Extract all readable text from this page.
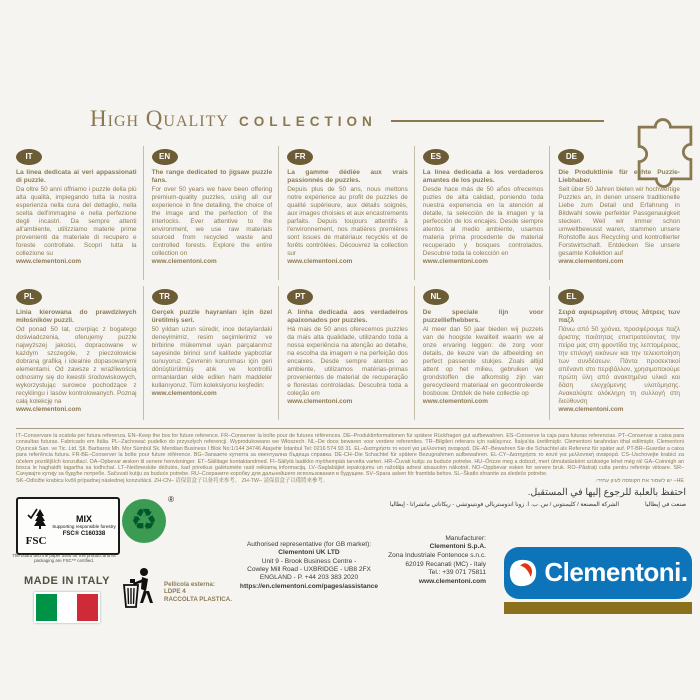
High Quality COLLECTION
IT

La linea dedicata ai veri appassionati di puzzle.

Da oltre 50 anni offriamo i puzzle della più alta qualità, impiegando tutta la nostra esperienza nella cura del dettaglio, nella scelta dell'immagine e nella perfezione degli incastri. Da sempre attenti all'ambiente, utilizziamo materie prime provenienti da materiale di recupero e foreste controllate. Scopri tutta la collezione su

www.clementoni.com

EN

The range dedicated to jigsaw puzzle fans.

For over 50 years we have been offering premium-quality puzzles, using all our experience in fine detailing, the choice of the image and the perfection of the interlocks. Ever attentive to the environment, we use raw materials sourced from recycled waste and controlled forests. Explore the entire collection on

www.clementoni.com

FR

La gamme dédiée aux vrais passionnés de puzzles.

Depuis plus de 50 ans, nous mettons notre expérience au profit de puzzles de qualité supérieure, aux détails soignés, aux images choisies et aux encastrements parfaits. Depuis toujours attentifs à l'environnement, nos matières premières sont issues de matériaux recyclés et de forêts contrôlées. Découvrez la collection sur

www.clementoni.com

ES

La línea dedicada a los verdaderos amantes de los puzles.

Desde hace más de 50 años ofrecemos puzles de alta calidad, poniendo toda nuestra experiencia en la atención al detalle, la selección de la imagen y la perfección de los encajes. Desde siempre atentos al medio ambiente, usamos materia prima procedente de material recuperado y bosques controlados. Descubre toda la colección en

www.clementoni.com

DE

Die Produktlinie für echte Puzzle-Liebhaber.

Seit über 50 Jahren bieten wir hochwertige Puzzles an, in denen unsere traditionelle Liebe zum Detail und Erfahrung in Bildwahl sowie perfekter Passgenauigkeit stecken. Weil wir immer schon umweltbewusst waren, stammen unsere Rohstoffe aus Recycling und kontrollierter Forstwirtschaft. Entdecken Sie unsere gesamte Kollektion auf

www.clementoni.com

PL

Linia kierowana do prawdziwych miłośników puzzli.

Od ponad 50 lat, czerpiąc z bogatego doświadczenia, oferujemy puzzle najwyższej jakości, dopracowane w każdym szczególe, z pieczołowicie dobraną grafiką i idealnie dopasowanymi elementami. Od zawsze z wrażliwością odnosimy się do kwestii środowiskowych, wykorzystując surowce pochodzące z recyklingu i lasów kontrolowanych. Poznaj całą kolekcję na

www.clementoni.com

TR

Gerçek puzzle hayranları için özel üretilmiş seri.

50 yıldan uzun süredir, ince detaylardaki deneyimimiz, resim seçimlerimiz ve birbirine mükemmel uyan parçalarımız sayesinde birinci sınıf kalitede yapbozlar sunuyoruz. Çevrenin korunması için geri dönüştürülmüş atık ve kontrollü ormanlardan elde edilen ham maddeler kullanıyoruz. Tüm koleksiyonu keşfedin:

www.clementoni.com

PT

A linha dedicada aos verdadeiros apaixonados por puzzles.

Há mais de 50 anos oferecemos puzzles da mais alta qualidade, utilizando toda a nossa experiência na atenção ao detalhe, na escolha da imagem e na perfeição dos encaixes. Desde sempre atentos ao ambiente, utilizamos matérias-primas provenientes de material de recuperação e florestas controladas. Descubra toda a coleção em

www.clementoni.com

NL

De speciale lijn voor puzzelliefhebbers.

Al meer dan 50 jaar bieden wij puzzels van de hoogste kwaliteit waarin we al onze ervaring leggen: de zorg voor details, de keuze van de afbeelding en perfect passende stukjes. Zoals altijd attent op het milieu, gebruiken we grondstoffen die afkomstig zijn van gerecycleerd materiaal en gecontroleerde bosbouw. Ontdek de hele collectie op

www.clementoni.com

EL

Σειρά αφιερωμένη στους λάτρεις των παζλ

Πάνω από 50 χρόνια, προσφέρουμε παζλ άριστης ποιότητας επιστρατεύοντας την πείρα μας στη φροντίδα της λεπτομέρειας, την επιλογή εικόνων και την τελειοποίηση των συνδέσεων. Πάντα προσεκτικοί απέναντι στο περιβάλλον, χρησιμοποιούμε πρώτη ύλη από ανακτημένα υλικά και δάση ελεγχόμενης υλοτόμησης. Ανακαλύψτε ολόκληρη τη συλλογή στη διεύθυνση

www.clementoni.com

IT–Conservare la scatola per futura referenza. EN–Keep the box for future reference. FR–Conserver la boîte pour de futures références. DE–Produktinformationen für spätere Rückfragen gut aufbewahren. ES–Conserve la caja para futuras referencias. PT–Conservar a caixa para consultas futuras. Fabricado em Itália. PL–Zachować pudełko do przyszłych referencji. Wyprodukowano we Włoszech. NL–De doos bewaren voor verdere referenties. TR–Bilgileri referans için saklayınız. İtalya'da üretilmiştir. Clementoni tarafından ithal edilmiştir. Clementoni Oyuncak San. ve Tic. Ltd. Şti. Barbaros Mh. Mor Sümbül Sk. Meridian Business I Blok No:1/144 34746 Ataşehir İstanbul Tel: 0216 574 93 31. EL–Διατηρήστε το κουτί για μελλοντική αναφορά. DE-AT–Bewahren Sie die Schachtel als Referenz für später auf. PT-BR–Guardar a caixa para referência futura. FR-BE–Conserver la boîte pour future référence. BG–Запазете кутията за евентуална бъдеща справка. DE-CH–Die Schachtel für spätere Bezugnahmen aufbewahren. EL-CY–Διατηρήστε το κουτί για μελλοντική αναφορά. CS–Uschovejte krabici za účelem pozdějších konzultací. DA–Opbevar æsken til senere henvisninger. ET–Säilitage kontaktandmed. FI–Säilytä laatikko myöhempää tarvetta varten. HR–Čuvati kutiju za buduće potrebe. HU–Őrizze meg a dobozt, mert útmutatásként szüksége lehet még rá! GA–Coinnigh an bosca le haghaidh tagartha sa todhchaí. LT–Neišmeskite dėžutės, kad prireikus galėtumėte rasti reikiamą informaciją. LV–Saglabājiet iepakojumu un ražotāja adresi atsaucēm nākotnē. NO–Oppbevar esken for senere bruk. RO–Păstrați cutia pentru referințe viitoare. SR–Сачувајте кутију за будуће потребе. Sačuvati kutiju za buduće potrebe. RU–Сохраните коробку для дальнейшего использования в будущем. SV–Spara asken för framtida behov. SL–Škatlo shranite za sledeče potrebe.

SK–Odložte krabicu kvôli prípadnej následnej konzultácii. ZH-CN– 请保留盒子以备将来参考。 ZH-TW– 請保留盒子以備將來參考。	HE– יש לשמור את הקופסה לעיון עתידי.

احتفظ بالعلبة للرجوع إليها في المستقبل.

صنعت في إيطاليا
الشركة المصنعة / كليمنتوني / س. ب. ا. زونا اندوستريالي فونتينوتشي - ريكاناتي ماتشراتا - إيطاليا

FSC
MIX
Supporting responsible forestry
FSC® C160338
The board and the paper used for this product and its packaging are FSC™ certified.
♻
®
MADE IN ITALY	Pellicola esterna:
LDPE 4
RACCOLTA PLASTICA.
Authorised representative (for GB market):
Clementoni UK LTD
Unit 9 - Brook Business Centre -
Cowley Mill Road - UXBRIDGE - UB8 2FX
ENGLAND - P. +44 203 383 2020
https://en.clementoni.com/pages/assistance
Manufacturer:
Clementoni S.p.A.
Zona Industriale Fontenoce s.n.c.
62019 Recanati (MC) - Italy
Tel.: +39 071 75811
www.clementoni.com Clementoni.
